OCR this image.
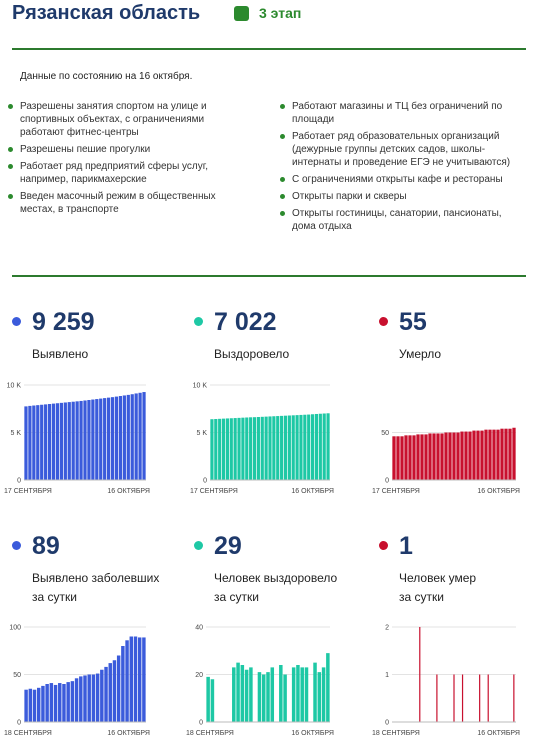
Рязанская область	3 этап
Данные по состоянию на 16 октября.
Разрешены занятия спортом на улице и спортивных объектах, с ограничениями работают фитнес-центры
Разрешены пешие прогулки
Работает ряд предприятий сферы услуг, например, парикмахерские
Введен масочный режим в общественных местах, в транспорте
Работают магазины и ТЦ без ограничений по площади
Работает ряд образовательных организаций (дежурные группы детских садов, школы-интернаты и проведение ЕГЭ не учитываются)
С ограничениями открыты кафе и рестораны
Открыты парки и скверы
Открыты гостиницы, санатории, пансионаты, дома отдыха
9 259
Выявлено
7 022
Выздоровело
55
Умерло
89
Выявлено заболевших
за сутки
29
Человек выздоровело
за сутки
1
Человек умер
за сутки
0
5 K
10 K
17 СЕНТЯБРЯ	16 ОКТЯБРЯ
0
5 K
10 K
17 СЕНТЯБРЯ	16 ОКТЯБРЯ
0
50
17 СЕНТЯБРЯ	16 ОКТЯБРЯ
0
50
100
18 СЕНТЯБРЯ	16 ОКТЯБРЯ
0
20
40
18 СЕНТЯБРЯ	16 ОКТЯБРЯ
0
1
2
18 СЕНТЯБРЯ	16 ОКТЯБРЯ
